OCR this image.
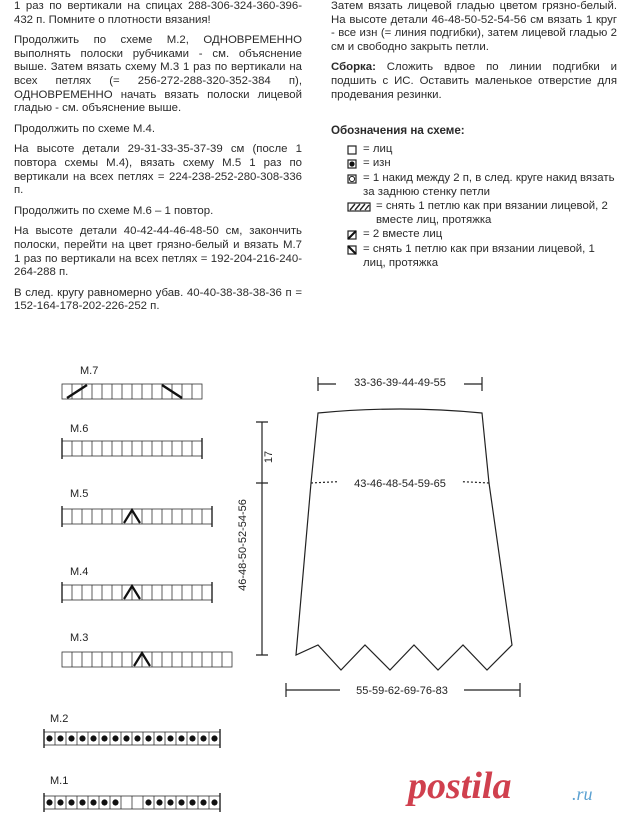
1 раз по вертикали на спицах 288-306-324-360-396-432 п. Помните о плотности вязания!

Продолжить по схеме М.2, ОДНОВРЕМЕННО выполнять полоски рубчиками - см. объяснение выше. Затем вязать схему М.3 1 раз по вертикали на всех петлях (= 256-272-288-320-352-384 п), ОДНОВРЕМЕННО начать вязать полоски лицевой гладью - см. объяснение выше.

Продолжить по схеме М.4.

На высоте детали 29-31-33-35-37-39 см (после 1 повтора схемы М.4), вязать схему М.5 1 раз по вертикали на всех петлях = 224-238-252-280-308-336 п.

Продолжить по схеме М.6 – 1 повтор.

На высоте детали 40-42-44-46-48-50 см, закончить полоски, перейти на цвет грязно-белый и вязать М.7 1 раз по вертикали на всех петлях = 192-204-216-240-264-288 п.

В след. кругу равномерно убав. 40-40-38-38-38-36 п = 152-164-178-202-226-252 п.

Затем вязать лицевой гладью цветом грязно-белый. На высоте детали 46-48-50-52-54-56 см вязать 1 круг - все изн (= линия подгибки), затем лицевой гладью 2 см и свободно закрыть петли.

Сборка: Сложить вдвое по линии подгибки и подшить с ИС. Оставить маленькое отверстие для продевания резинки.

Обозначения на схеме:
= лиц
= изн
= 1 накид между 2 п, в след. круге накид вязать за заднюю стенку петли
= снять 1 петлю как при вязании лицевой, 2 вместе лиц, протяжка
= 2 вместе лиц
= снять 1 петлю как при вязании лицевой, 1 лиц, протяжка
M.7
M.6
M.5
M.4
M.3
M.2
M.1
33-36-39-44-49-55
43-46-48-54-59-65
55-59-62-69-76-83
17
46-48-50-52-54-56
postila	.ru
